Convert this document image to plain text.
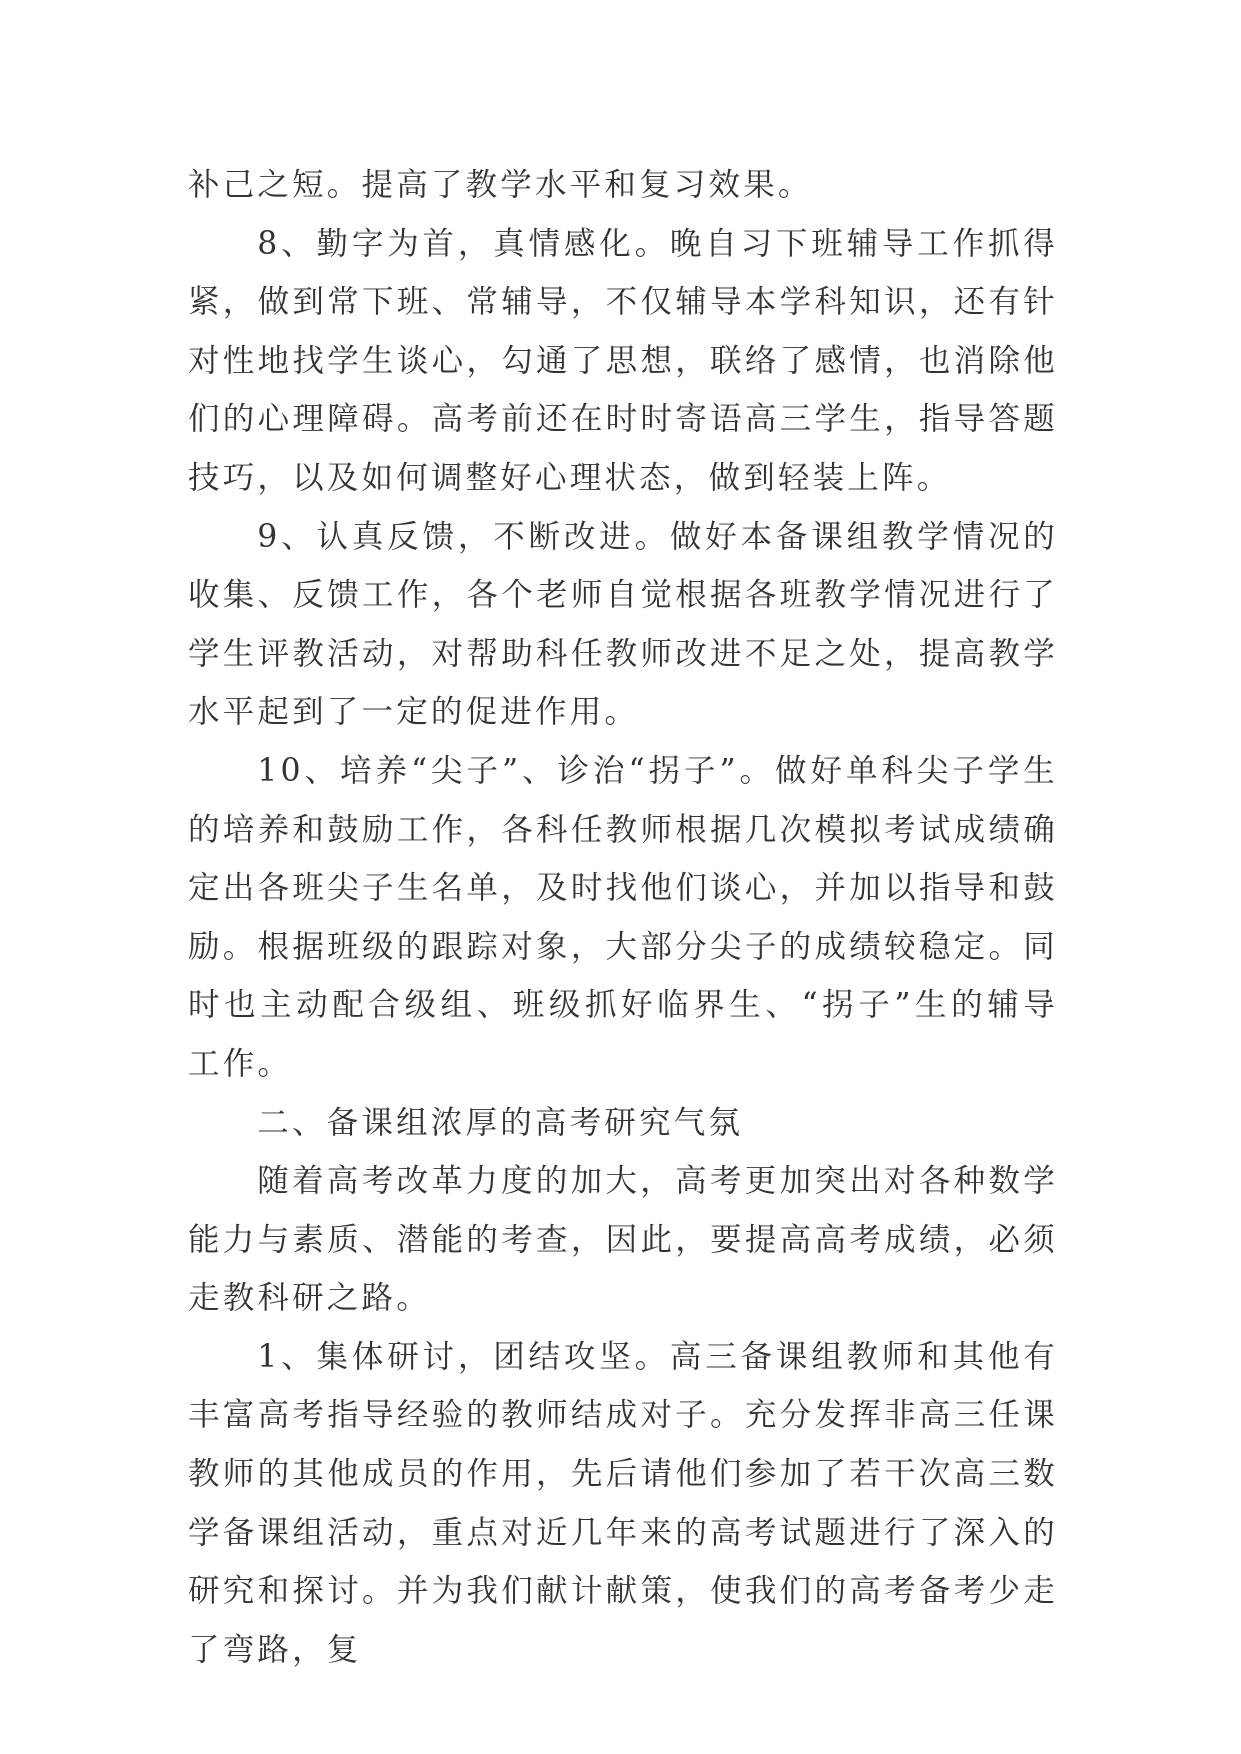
补己之短。提高了教学水平和复习效果。

8、勤字为首，真情感化。晚自习下班辅导工作抓得紧，做到常下班、常辅导，不仅辅导本学科知识，还有针对性地找学生谈心，勾通了思想，联络了感情，也消除他们的心理障碍。高考前还在时时寄语高三学生，指导答题技巧，以及如何调整好心理状态，做到轻装上阵。

9、认真反馈，不断改进。做好本备课组教学情况的收集、反馈工作，各个老师自觉根据各班教学情况进行了学生评教活动，对帮助科任教师改进不足之处，提高教学水平起到了一定的促进作用。

10、培养“尖子”、诊治“拐子”。做好单科尖子学生的培养和鼓励工作，各科任教师根据几次模拟考试成绩确定出各班尖子生名单，及时找他们谈心，并加以指导和鼓励。根据班级的跟踪对象，大部分尖子的成绩较稳定。同时也主动配合级组、班级抓好临界生、“拐子”生的辅导工作。

二、备课组浓厚的高考研究气氛

随着高考改革力度的加大，高考更加突出对各种数学能力与素质、潜能的考查，因此，要提高高考成绩，必须走教科研之路。

1、集体研讨，团结攻坚。高三备课组教师和其他有丰富高考指导经验的教师结成对子。充分发挥非高三任课教师的其他成员的作用，先后请他们参加了若干次高三数学备课组活动，重点对近几年来的高考试题进行了深入的研究和探讨。并为我们献计献策，使我们的高考备考少走了弯路，复
